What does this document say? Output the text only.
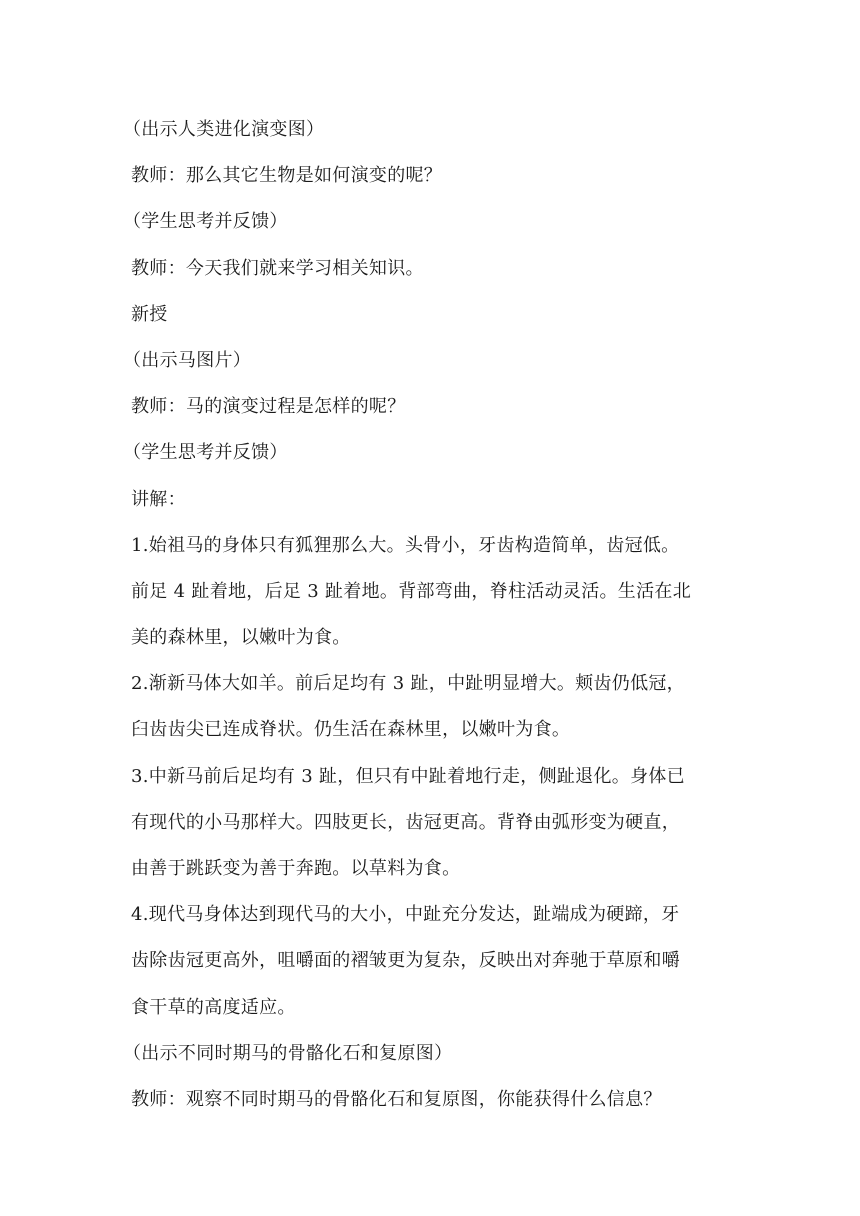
（出示人类进化演变图）
教师：那么其它生物是如何演变的呢？
（学生思考并反馈）
教师：今天我们就来学习相关知识。
新授
（出示马图片）
教师：马的演变过程是怎样的呢？
（学生思考并反馈）
讲解：
1.始祖马的身体只有狐狸那么大。头骨小，牙齿构造简单，齿冠低。
前足 4 趾着地，后足 3 趾着地。背部弯曲，脊柱活动灵活。生活在北
美的森林里，以嫩叶为食。
2.渐新马体大如羊。前后足均有 3 趾，中趾明显增大。颊齿仍低冠，
臼齿齿尖已连成脊状。仍生活在森林里，以嫩叶为食。
3.中新马前后足均有 3 趾，但只有中趾着地行走，侧趾退化。身体已
有现代的小马那样大。四肢更长，齿冠更高。背脊由弧形变为硬直，
由善于跳跃变为善于奔跑。以草料为食。
4.现代马身体达到现代马的大小，中趾充分发达，趾端成为硬蹄，牙
齿除齿冠更高外，咀嚼面的褶皱更为复杂，反映出对奔驰于草原和嚼
食干草的高度适应。
（出示不同时期马的骨骼化石和复原图）
教师：观察不同时期马的骨骼化石和复原图，你能获得什么信息？
